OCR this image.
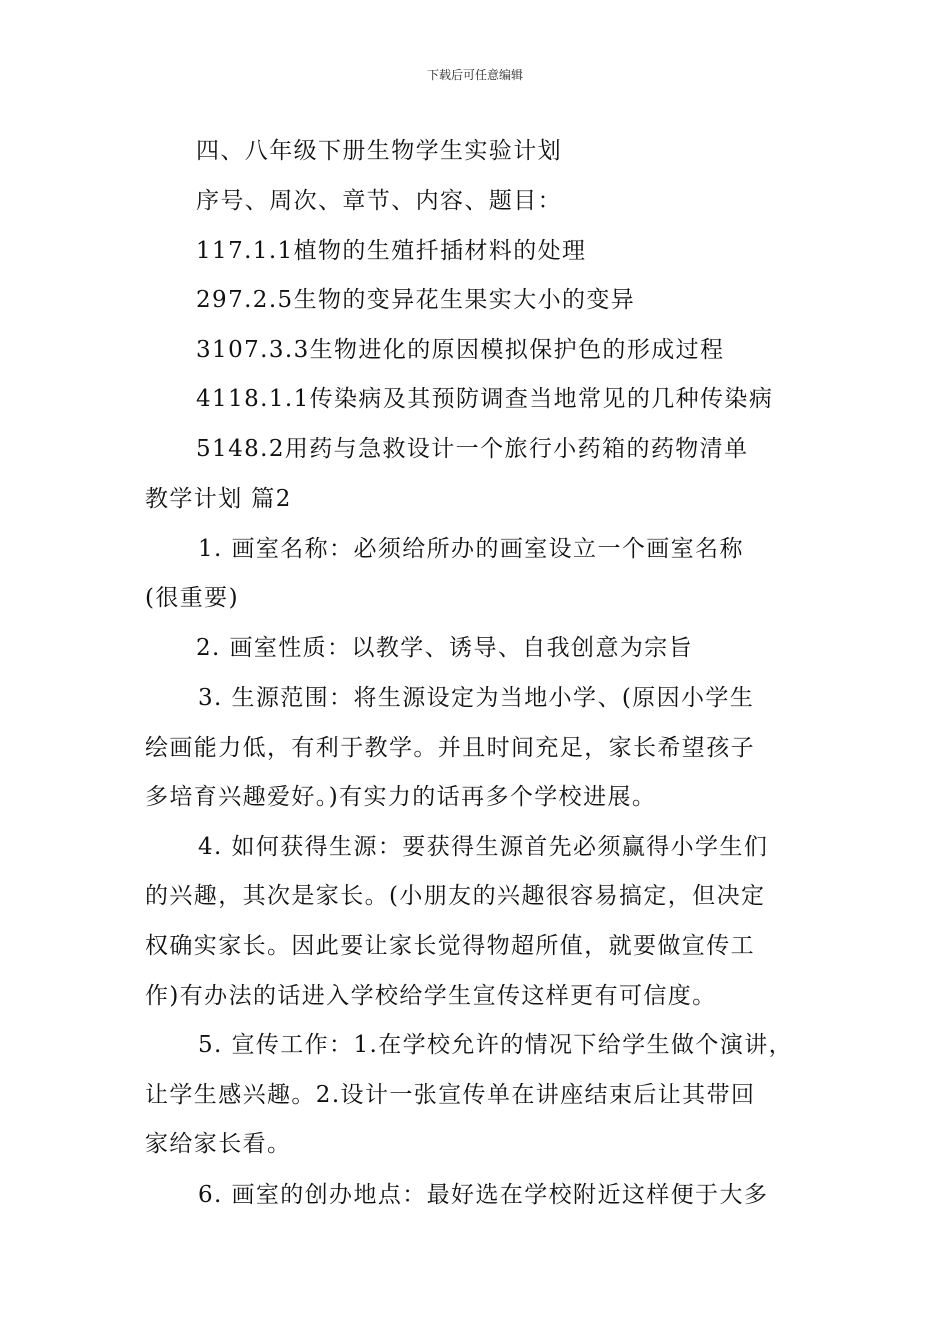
下载后可任意编辑
四、八年级下册生物学生实验计划
序号、周次、章节、内容、题目：
117.1.1植物的生殖扦插材料的处理
297.2.5生物的变异花生果实大小的变异
3107.3.3生物进化的原因模拟保护色的形成过程
4118.1.1传染病及其预防调查当地常见的几种传染病
5148.2用药与急救设计一个旅行小药箱的药物清单
教学计划 篇2
1. 画室名称：必须给所办的画室设立一个画室名称
(很重要)
2. 画室性质：以教学、诱导、自我创意为宗旨
3. 生源范围：将生源设定为当地小学、(原因小学生
绘画能力低，有利于教学。并且时间充足，家长希望孩子
多培育兴趣爱好。)有实力的话再多个学校进展。
4. 如何获得生源：要获得生源首先必须赢得小学生们
的兴趣，其次是家长。(小朋友的兴趣很容易搞定，但决定
权确实家长。因此要让家长觉得物超所值，就要做宣传工
作)有办法的话进入学校给学生宣传这样更有可信度。
5. 宣传工作：1.在学校允许的情况下给学生做个演讲，
让学生感兴趣。2.设计一张宣传单在讲座结束后让其带回
家给家长看。
6. 画室的创办地点：最好选在学校附近这样便于大多
